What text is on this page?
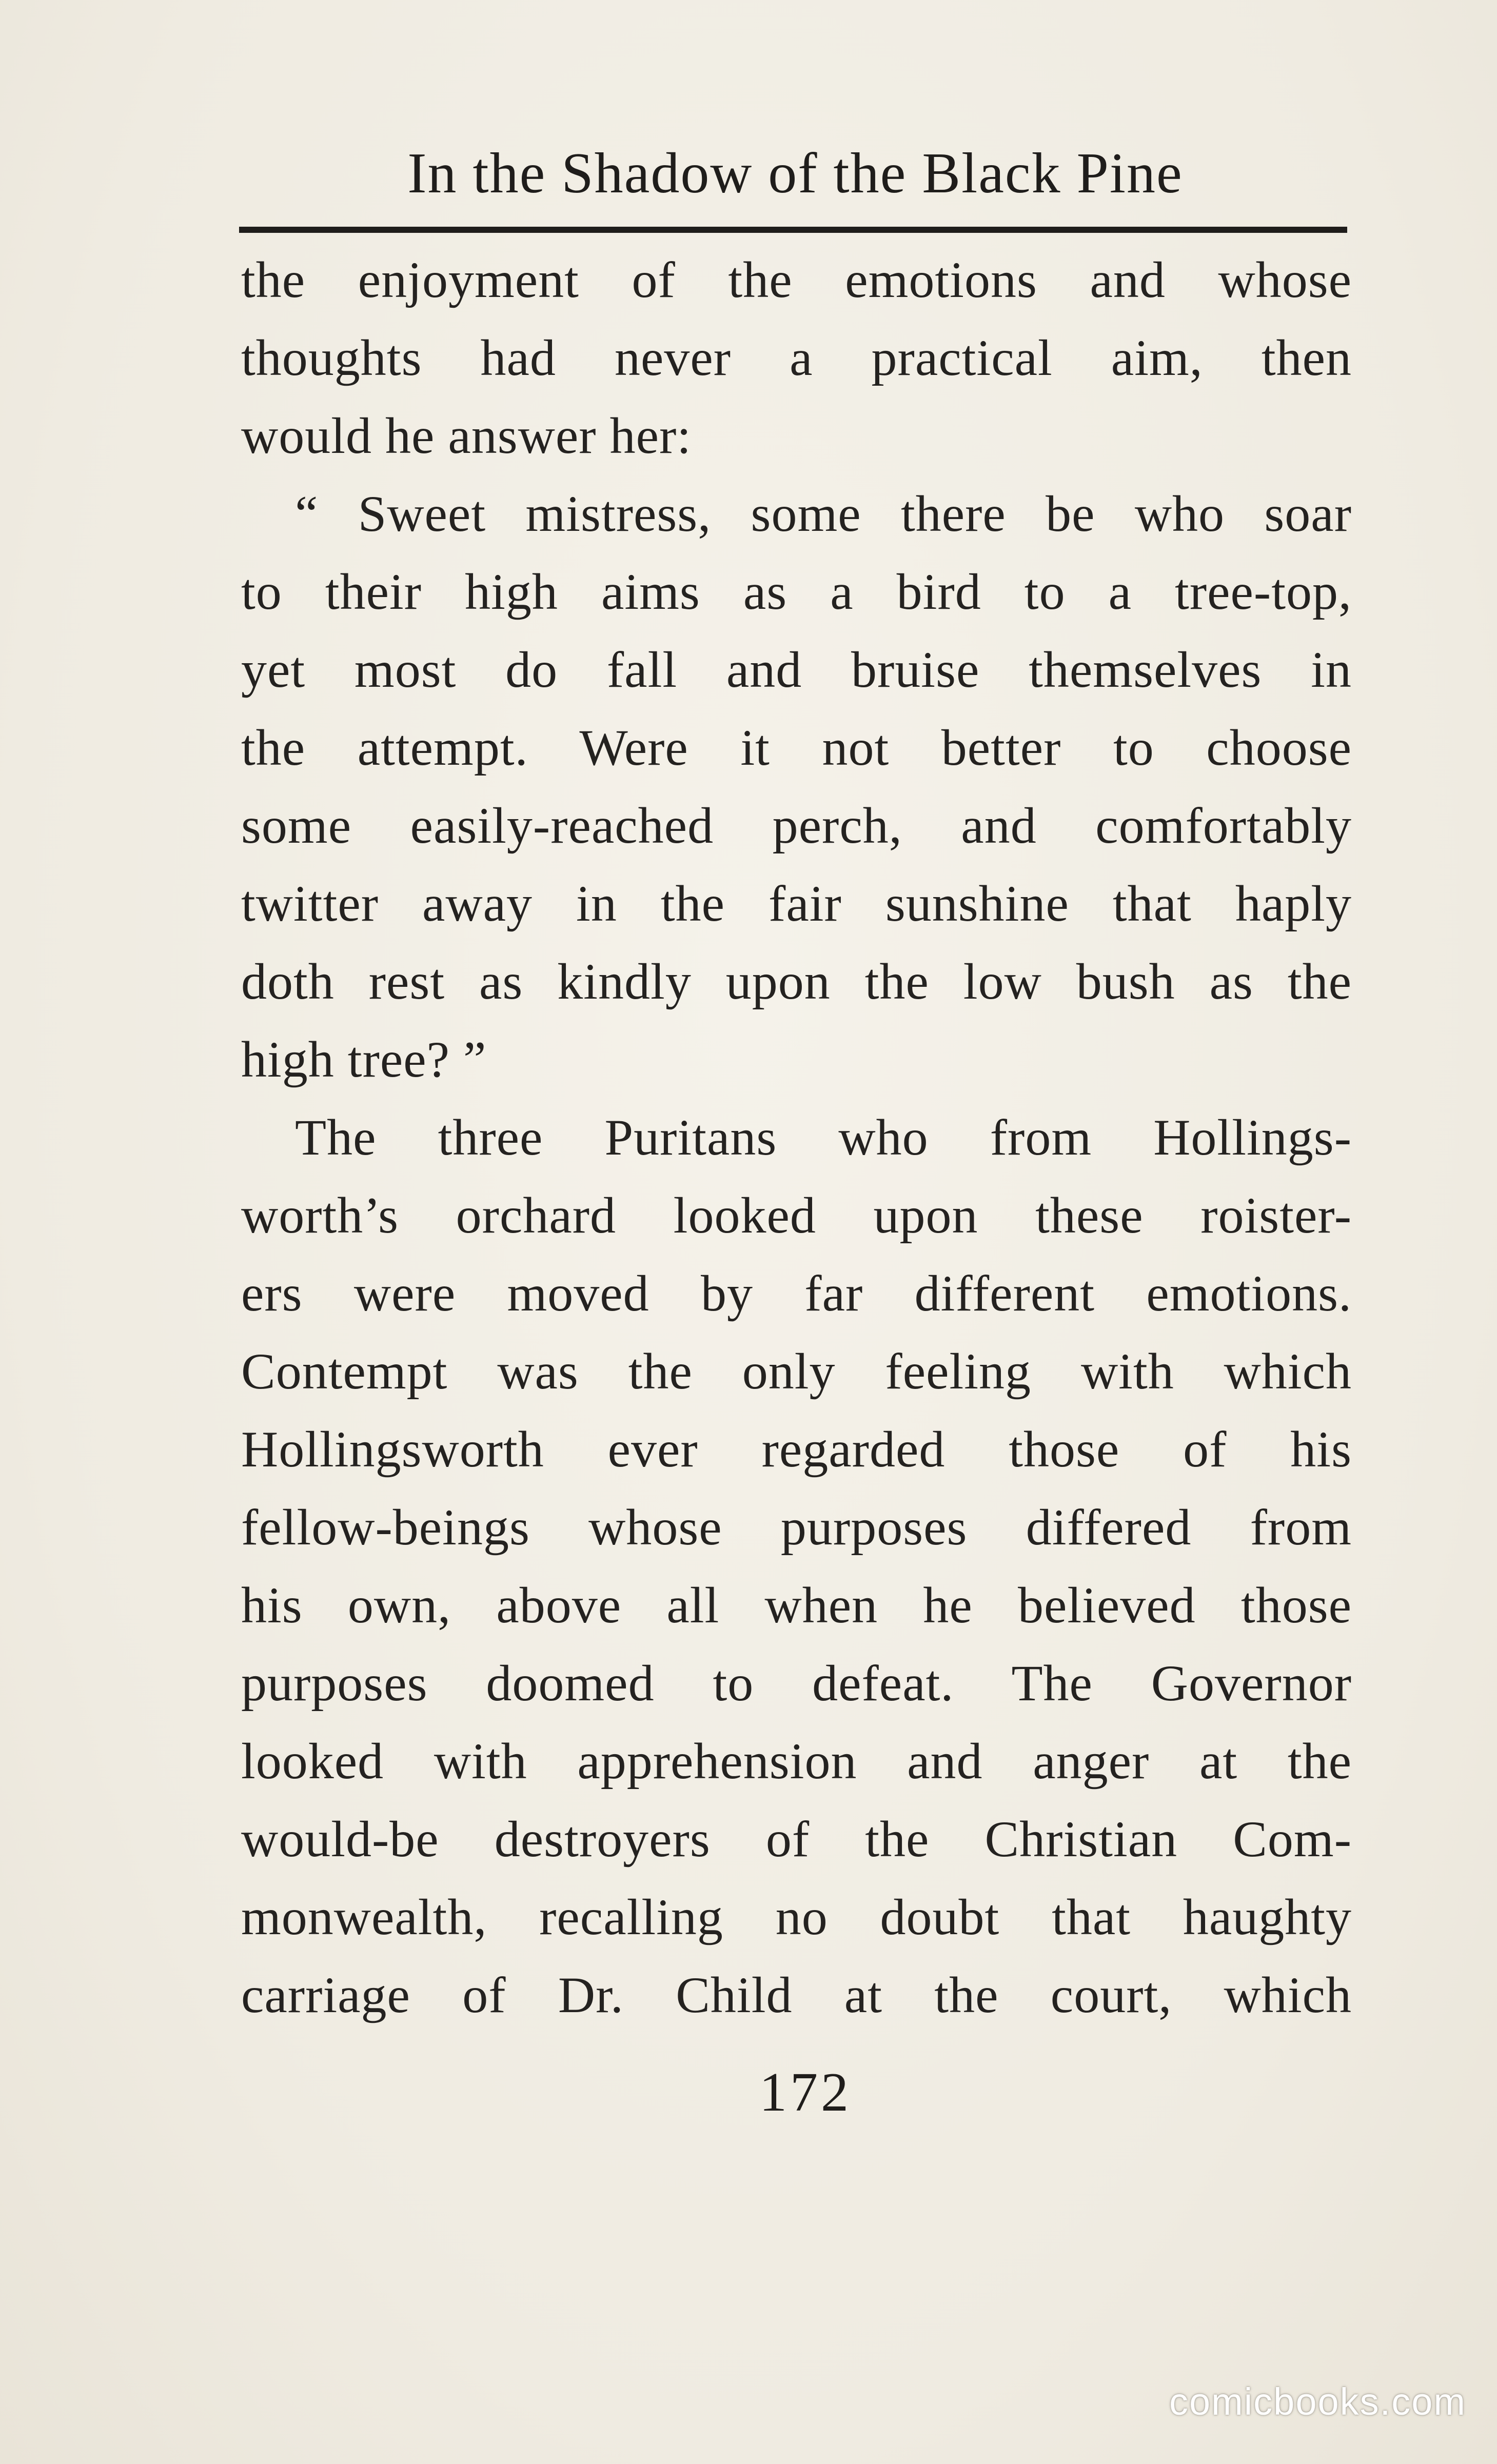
In the Shadow of the Black Pine
the enjoyment of the emotions and whose
thoughts had never a practical aim, then
would he answer her:
“ Sweet mistress, some there be who soar
to their high aims as a bird to a tree-top,
yet most do fall and bruise themselves in
the attempt. Were it not better to choose
some easily-reached perch, and comfortably
twitter away in the fair sunshine that haply
doth rest as kindly upon the low bush as the
high tree? ”
The three Puritans who from Hollings-
worth’s orchard looked upon these roister-
ers were moved by far different emotions.
Contempt was the only feeling with which
Hollingsworth ever regarded those of his
fellow-beings whose purposes differed from
his own, above all when he believed those
purposes doomed to defeat. The Governor
looked with apprehension and anger at the
would-be destroyers of the Christian Com-
monwealth, recalling no doubt that haughty
carriage of Dr. Child at the court, which
172
comicbooks.com
